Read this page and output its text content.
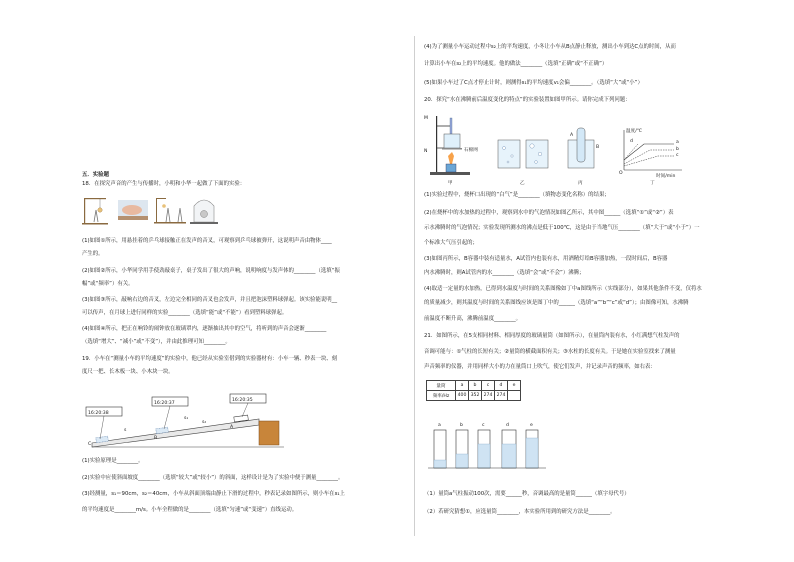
五．实验题
18．在探究声音的产生与传播时，小明和小华一起做了下面的实验：
(1)如图①所示，用悬挂着的乒乓球接触正在发声的音叉，可观察到乒乓球被弹开，这说明声音由物体____
产生的。
(2)如图②所示，小华同学用手使劲敲桌子，桌子发出了很大的声响，说明响度与发声体的________（选填“振
幅”或“频率”）有关。
(3)如图③所示，敲响右边的音叉，左边完全相同的音叉也会发声，并且把泡沫塑料球弹起。该实验能说明__
可以传声，在月球上进行同样的实验________（选填“能”或“不能”）看到塑料球弹起。
(4)如图④所示，把正在响铃的闹钟放在玻璃罩内，逐渐抽出其中的空气，将听到的声音会逐渐________
（选填“增大”、“减小”或“不变”），并由此推理可知________。
19．小车在“测量小车的平均速度”的实验中，他已经从实验室借到的实验器材有：小车一辆、秒表一块、刻
度尺一把、长木板一块、小木块一块。
16:20:38
16:20:37
16:20:35
C
B
A
s
s₁
s₂
(1)实验原理是________。
(2)实验中应使斜面坡度________（选填“较大”或“较小”）的斜面，这样设计是为了实验中便于测量________。
(3)经测量，s₁＝90cm，s₂＝40cm，小车从斜面顶端由静止下滑的过程中，秒表记录如图所示，则小车在s₁上
的平均速度是________m/s。小车全程做的是________（选填“匀速”或“变速”）直线运动。
(4)为了测量小车运动过程中s₂上的平均速度，小冬让小车从B点静止释放，测出小车到达C点的时间，从而
计算出小车在s₂上的平均速度。他的做法________（选填“正确”或“不正确”）
(5)如果小车过了C点才停止计时，则测得s₁的平均速度v₁会偏________。（选填“大”或“小”）
20．探究“水在沸腾前后温度变化的特点”的实验装置如图甲所示。请你完成下列问题：
M
N	石棉网
甲	乙
A
B
丙
温度/℃
a
b
c
d
O
时间/min
丁
(1)实验过程中，烧杯口出现的“白气”是________（填物态变化名称）的结果；
(2)在烧杯中的水加热的过程中，观察到水中的气泡情况如图乙所示，其中图______（选填“①”或“②”）表
示水沸腾时的气泡情况；实验发现所测水的沸点是低于100℃，这是由于当地气压________（填“大于”或“小于”）一
个标准大气压引起的；
(3)如图丙所示，B容器中装有适量水，A试管内也装有水，用酒精灯给B容器加热，一段时间后，B容器
内水沸腾时，则A试管内的水________（选填“会”或“不会”）沸腾；
(4)取适一定量的水加热，已得到水温度与时间的关系图像如丁中a图线所示（实线部分），如果其他条件不变，仅将水
的质量减少，则其温度与时间的关系图线应该是图丁中的______（选填“a”“b”“c”或“d”）；由图像可知，水沸腾
前温度不断升高，沸腾前温度________。
21．如图所示，在5支相同材料、相同厚度的玻璃量筒（如图所示），在量筒内装有水，小红满想气柱发声的
音调可能与：①气柱的长短有关；②量筒的横截面积有关；③水柱的长度有关。于是她在实验室找来了测量
声音频率的仪器，并用同样大小的力在量筒口上吹气，使它们发声，并记录声音的频率，如右表：
量筒	a	b	c	d	e
频率/Hz	400	352	274	274	
a	b	c	d	e
（1）量筒a气柱振动100次，需要______秒，音调最高的是量筒______（填字母代号）
（2）若研究猜想①，应选量筒________，本实验所用到的研究方法是________。
